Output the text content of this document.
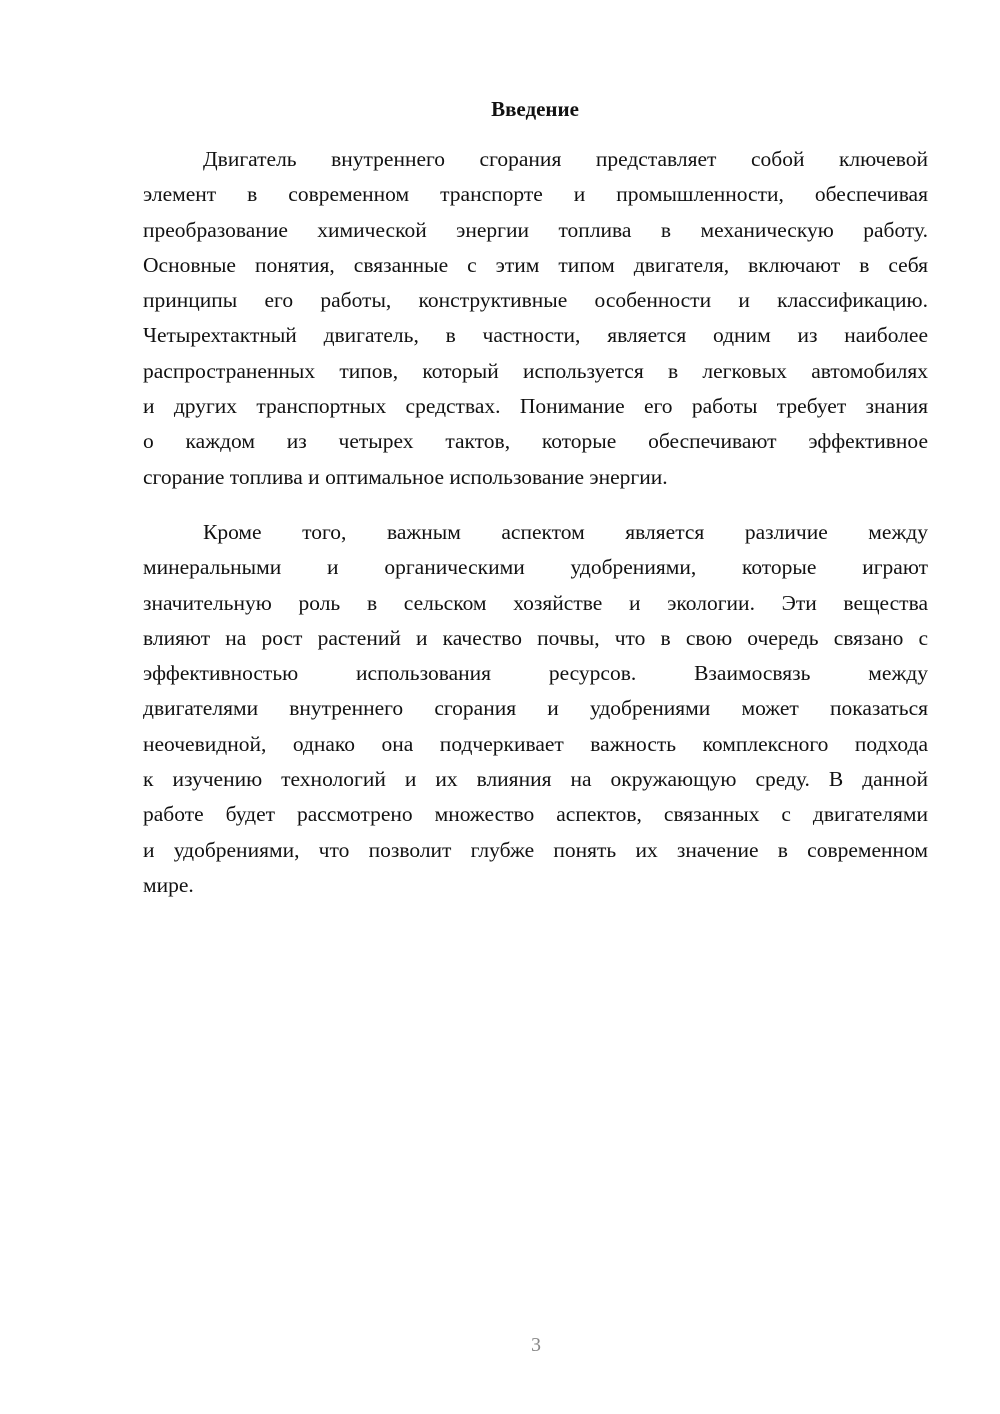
Введение
Двигатель внутреннего сгорания представляет собой ключевой
элемент в современном транспорте и промышленности, обеспечивая
преобразование химической энергии топлива в механическую работу.
Основные понятия, связанные с этим типом двигателя, включают в себя
принципы его работы, конструктивные особенности и классификацию.
Четырехтактный двигатель, в частности, является одним из наиболее
распространенных типов, который используется в легковых автомобилях
и других транспортных средствах. Понимание его работы требует знания
о каждом из четырех тактов, которые обеспечивают эффективное
сгорание топлива и оптимальное использование энергии.
Кроме того, важным аспектом является различие между
минеральными и органическими удобрениями, которые играют
значительную роль в сельском хозяйстве и экологии. Эти вещества
влияют на рост растений и качество почвы, что в свою очередь связано с
эффективностью использования ресурсов. Взаимосвязь между
двигателями внутреннего сгорания и удобрениями может показаться
неочевидной, однако она подчеркивает важность комплексного подхода
к изучению технологий и их влияния на окружающую среду. В данной
работе будет рассмотрено множество аспектов, связанных с двигателями
и удобрениями, что позволит глубже понять их значение в современном
мире.
3
